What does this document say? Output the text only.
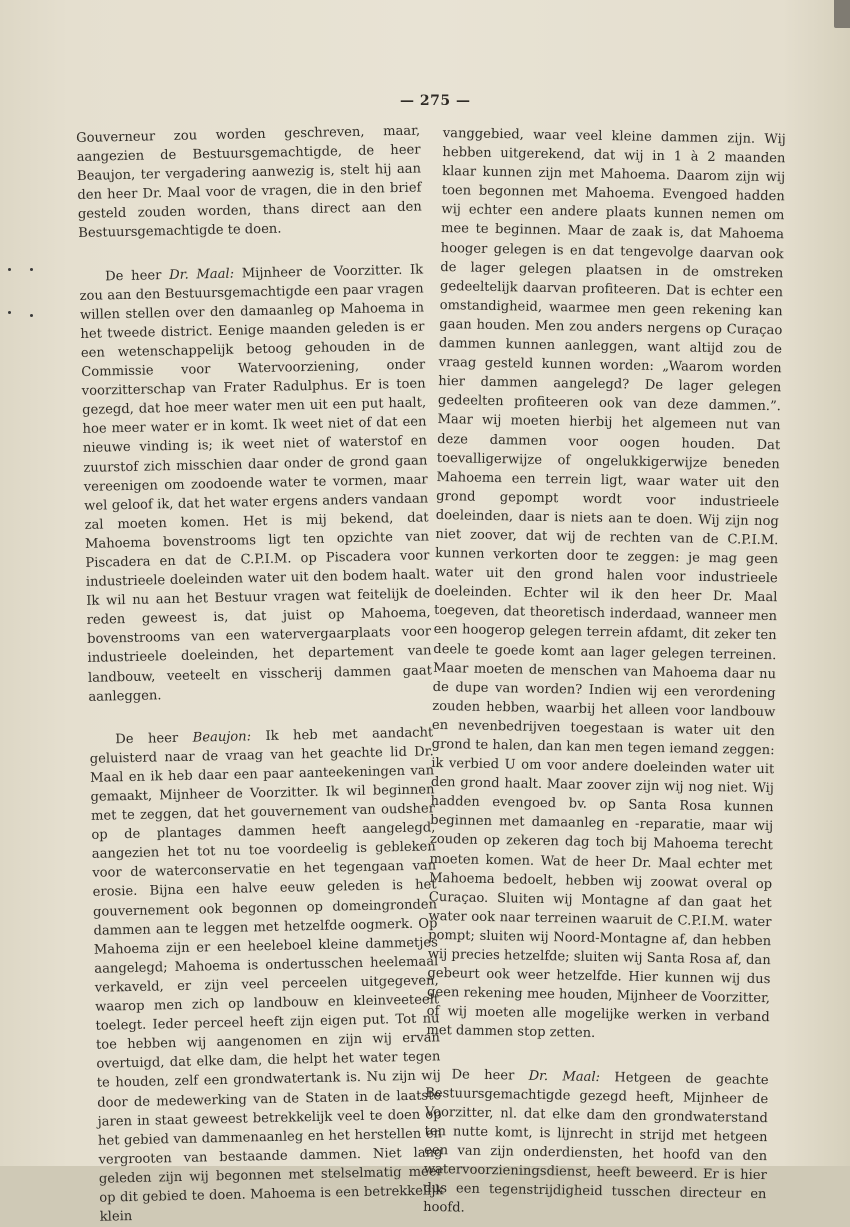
— 275 —

Gouverneur zou worden geschreven, maar, aangezien de Bestuursgemachtigde, de heer Beaujon, ter vergadering aanwezig is, stelt hij aan den heer Dr. Maal voor de vragen, die in den brief gesteld zouden worden, thans direct aan den Bestuursgemachtigde te doen.

De heer Dr. Maal: Mijnheer de Voorzitter. Ik zou aan den Bestuursgemachtigde een paar vragen willen stellen over den damaanleg op Mahoema in het tweede district. Eenige maanden geleden is er een wetenschappelijk betoog gehouden in de Commissie voor Watervoorziening, onder voorzitterschap van Frater Radulphus. Er is toen gezegd, dat hoe meer water men uit een put haalt, hoe meer water er in komt. Ik weet niet of dat een nieuwe vinding is; ik weet niet of waterstof en zuurstof zich misschien daar onder de grond gaan vereenigen om zoodoende water te vormen, maar wel geloof ik, dat het water ergens anders vandaan zal moeten komen. Het is mij bekend, dat Mahoema bovenstrooms ligt ten opzichte van Piscadera en dat de C.P.I.M. op Piscadera voor industrieele doeleinden water uit den bodem haalt. Ik wil nu aan het Bestuur vragen wat feitelijk de reden geweest is, dat juist op Mahoema, bovenstrooms van een watervergaarplaats voor industrieele doeleinden, het departement van landbouw, veeteelt en visscherij dammen gaat aanleggen.

De heer Beaujon: Ik heb met aandacht geluisterd naar de vraag van het geachte lid Dr. Maal en ik heb daar een paar aanteekeningen van gemaakt, Mijnheer de Voorzitter. Ik wil beginnen met te zeggen, dat het gouvernement van oudsher op de plantages dammen heeft aangelegd, aangezien het tot nu toe voordeelig is gebleken voor de waterconservatie en het tegengaan van erosie. Bijna een halve eeuw geleden is het gouvernement ook begonnen op domeingronden dammen aan te leggen met hetzelfde oogmerk. Op Mahoema zijn er een heeleboel kleine dammetjes aangelegd; Mahoema is ondertusschen heelemaal verkaveld, er zijn veel perceelen uitgegeven, waarop men zich op landbouw en kleinveeteelt toelegt. Ieder perceel heeft zijn eigen put. Tot nu toe hebben wij aangenomen en zijn wij ervan overtuigd, dat elke dam, die helpt het water tegen te houden, zelf een grondwatertank is. Nu zijn wij door de medewerking van de Staten in de laatste jaren in staat geweest betrekkelijk veel te doen op het gebied van dammenaanleg en het herstellen en vergrooten van bestaande dammen. Niet lang geleden zijn wij begonnen met stelselmatig meer op dit gebied te doen. Mahoema is een betrekkelijk klein

vanggebied, waar veel kleine dammen zijn. Wij hebben uitgerekend, dat wij in 1 à 2 maanden klaar kunnen zijn met Mahoema. Daarom zijn wij toen begonnen met Mahoema. Evengoed hadden wij echter een andere plaats kunnen nemen om mee te beginnen. Maar de zaak is, dat Mahoema hooger gelegen is en dat tengevolge daarvan ook de lager gelegen plaatsen in de omstreken gedeeltelijk daarvan profiteeren. Dat is echter een omstandigheid, waarmee men geen rekening kan gaan houden. Men zou anders nergens op Curaçao dammen kunnen aanleggen, want altijd zou de vraag gesteld kunnen worden: „Waarom worden hier dammen aangelegd? De lager gelegen gedeelten profiteeren ook van deze dammen.”. Maar wij moeten hierbij het algemeen nut van deze dammen voor oogen houden. Dat toevalligerwijze of ongelukkigerwijze beneden Mahoema een terrein ligt, waar water uit den grond gepompt wordt voor industrieele doeleinden, daar is niets aan te doen. Wij zijn nog niet zoover, dat wij de rechten van de C.P.I.M. kunnen verkorten door te zeggen: je mag geen water uit den grond halen voor industrieele doeleinden. Echter wil ik den heer Dr. Maal toegeven, dat theoretisch inderdaad, wanneer men een hoogerop gelegen terrein afdamt, dit zeker ten deele te goede komt aan lager gelegen terreinen. Maar moeten de menschen van Mahoema daar nu de dupe van worden? Indien wij een verordening zouden hebben, waarbij het alleen voor landbouw en nevenbedrijven toegestaan is water uit den grond te halen, dan kan men tegen iemand zeggen: ik verbied U om voor andere doeleinden water uit den grond haalt. Maar zoover zijn wij nog niet. Wij hadden evengoed bv. op Santa Rosa kunnen beginnen met damaanleg en -reparatie, maar wij zouden op zekeren dag toch bij Mahoema terecht moeten komen. Wat de heer Dr. Maal echter met Mahoema bedoelt, hebben wij zoowat overal op Curaçao. Sluiten wij Montagne af dan gaat het water ook naar terreinen waaruit de C.P.I.M. water pompt; sluiten wij Noord-Montagne af, dan hebben wij precies hetzelfde; sluiten wij Santa Rosa af, dan gebeurt ook weer hetzelfde. Hier kunnen wij dus geen rekening mee houden, Mijnheer de Voorzitter, of wij moeten alle mogelijke werken in verband met dammen stop zetten.

De heer Dr. Maal: Hetgeen de geachte Bestuursgemachtigde gezegd heeft, Mijnheer de Voorzitter, nl. dat elke dam den grondwaterstand ten nutte komt, is lijnrecht in strijd met hetgeen een van zijn onderdiensten, het hoofd van den watervoorzieningsdienst, heeft beweerd. Er is hier dus een tegenstrijdigheid tusschen directeur en hoofd.
